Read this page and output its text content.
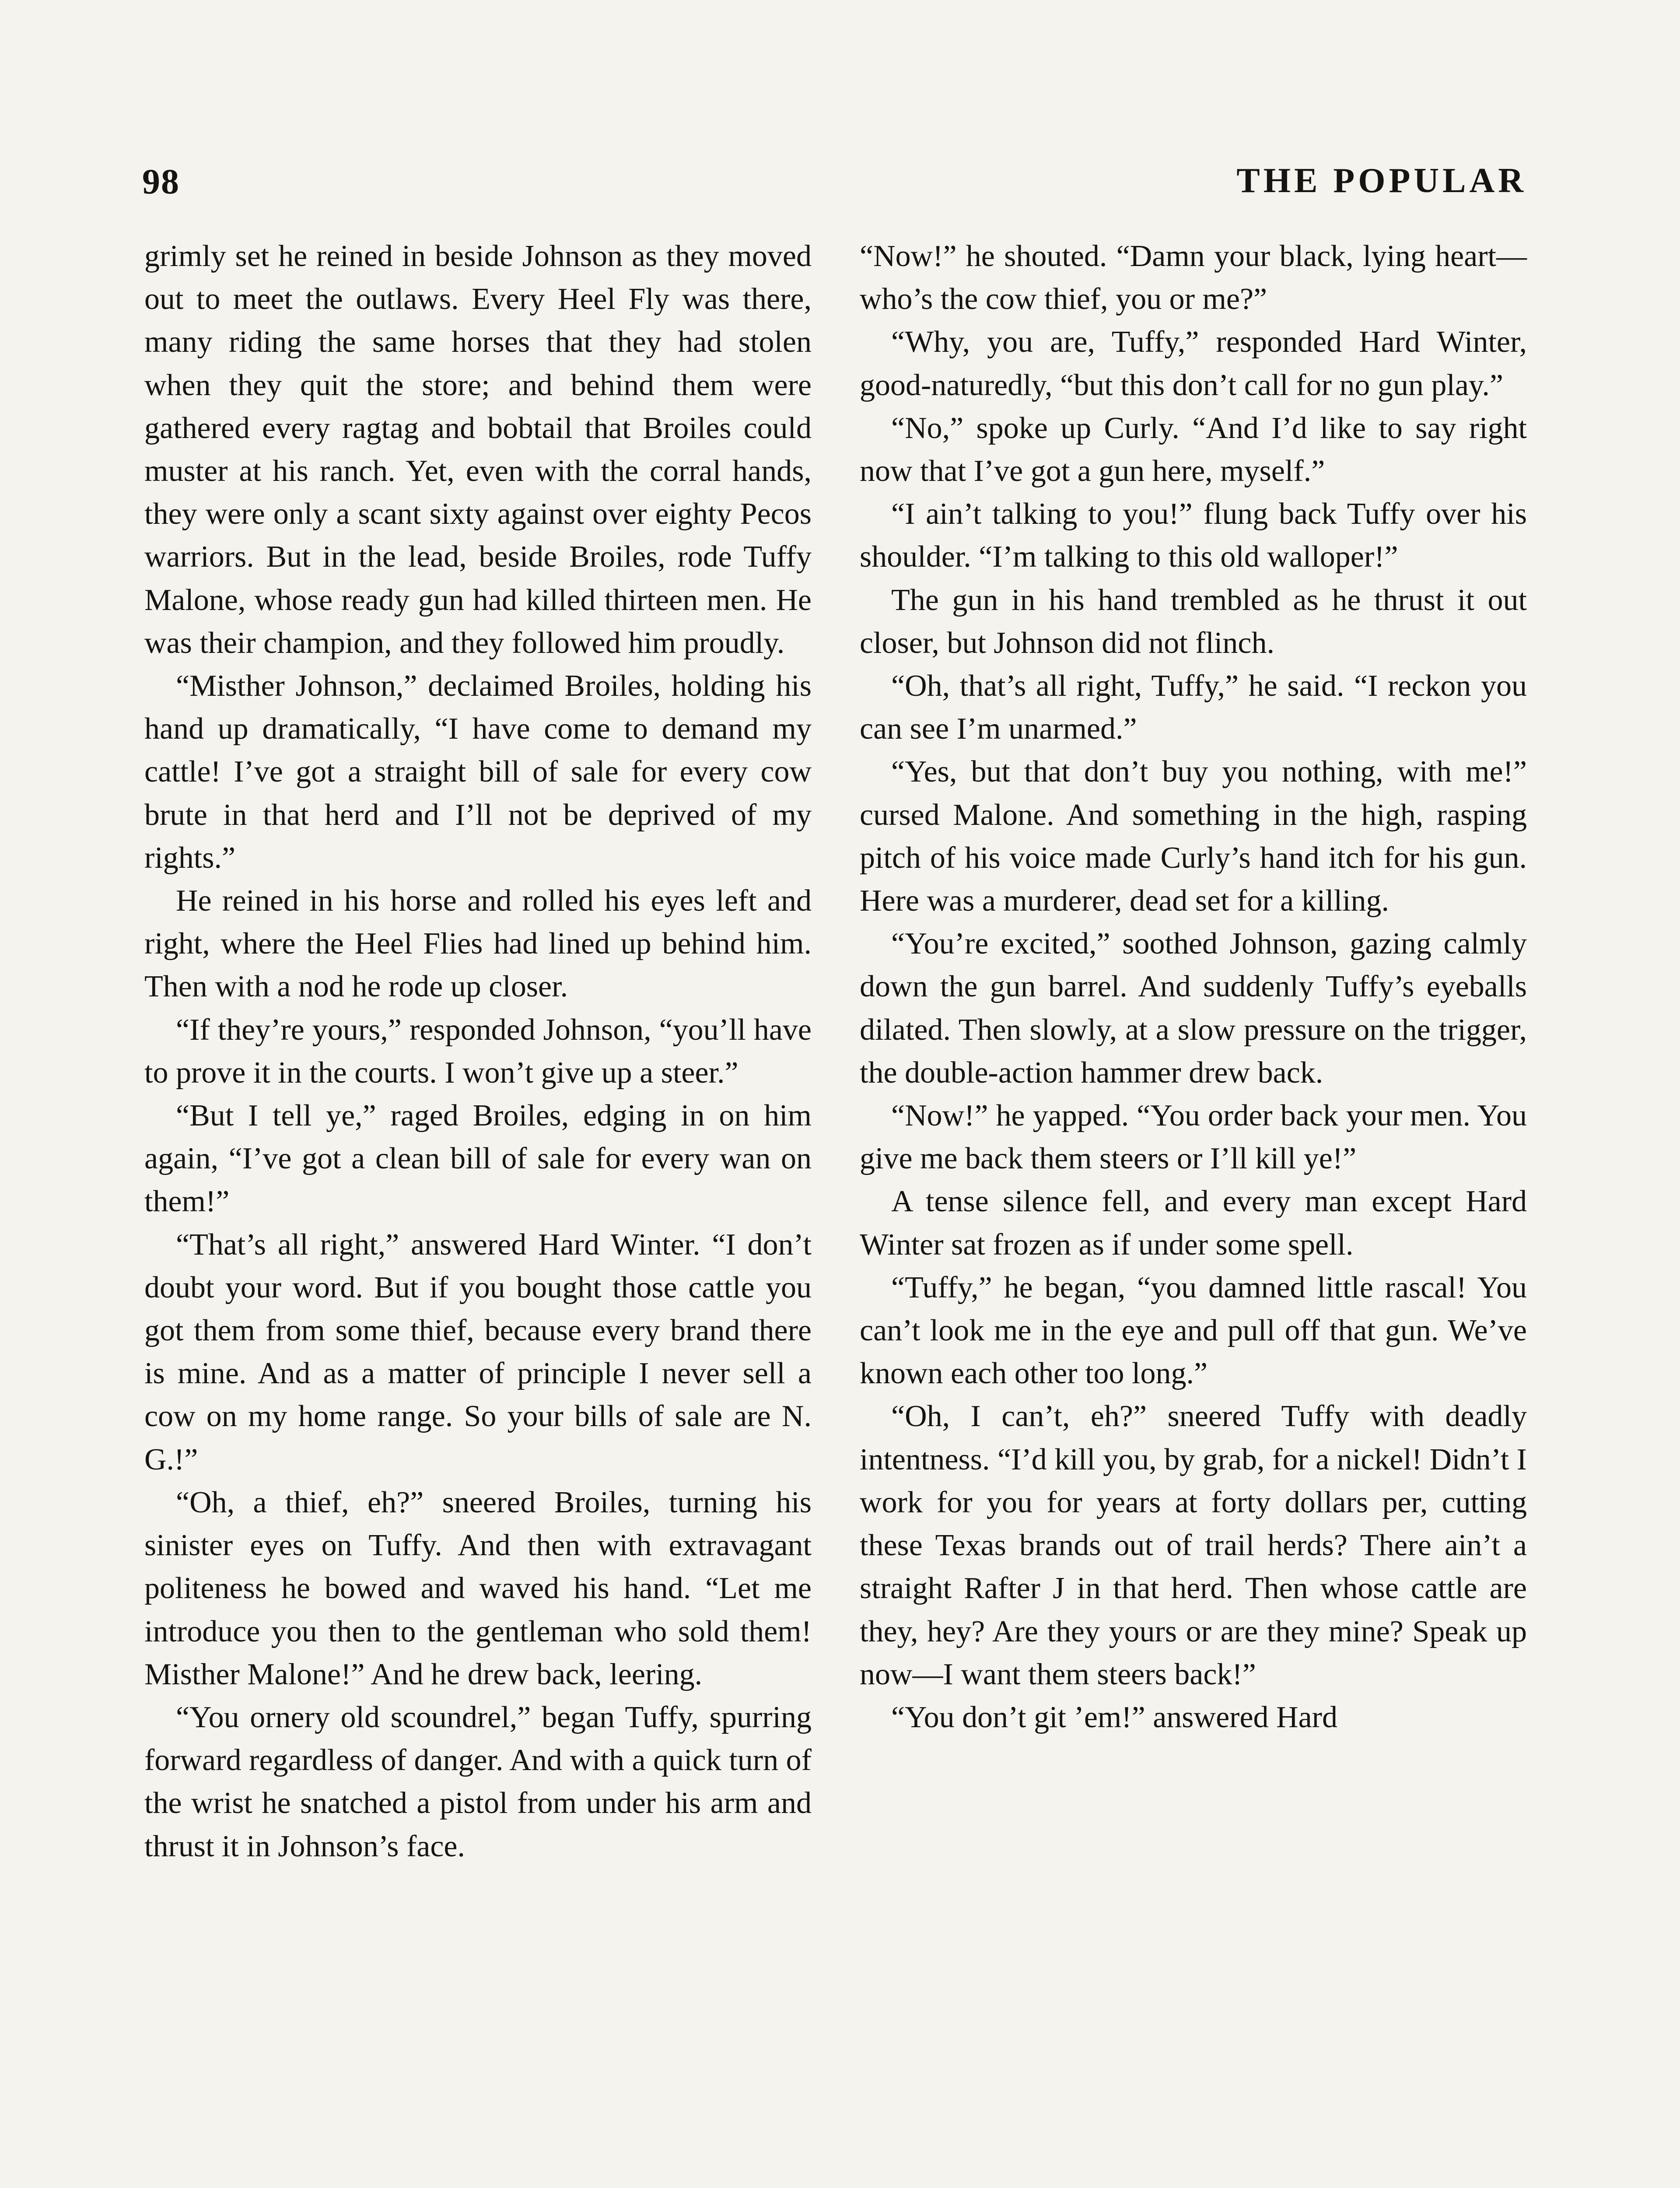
98	THE POPULAR

grimly set he reined in beside Johnson as they moved out to meet the outlaws. Every Heel Fly was there, many riding the same horses that they had stolen when they quit the store; and behind them were gathered every ragtag and bobtail that Broiles could muster at his ranch. Yet, even with the corral hands, they were only a scant sixty against over eighty Pecos warriors. But in the lead, beside Broiles, rode Tuffy Malone, whose ready gun had killed thirteen men. He was their champion, and they followed him proudly.

“Misther Johnson,” declaimed Broiles, holding his hand up dramatically, “I have come to demand my cattle! I’ve got a straight bill of sale for every cow brute in that herd and I’ll not be deprived of my rights.”

He reined in his horse and rolled his eyes left and right, where the Heel Flies had lined up behind him. Then with a nod he rode up closer.

“If they’re yours,” responded Johnson, “you’ll have to prove it in the courts. I won’t give up a steer.”

“But I tell ye,” raged Broiles, edging in on him again, “I’ve got a clean bill of sale for every wan on them!”

“That’s all right,” answered Hard Winter. “I don’t doubt your word. But if you bought those cattle you got them from some thief, because every brand there is mine. And as a matter of principle I never sell a cow on my home range. So your bills of sale are N. G.!”

“Oh, a thief, eh?” sneered Broiles, turning his sinister eyes on Tuffy. And then with extravagant politeness he bowed and waved his hand. “Let me introduce you then to the gentleman who sold them! Misther Malone!” And he drew back, leering.

“You ornery old scoundrel,” began Tuffy, spurring forward regardless of danger. And with a quick turn of the wrist he snatched a pistol from under his arm and thrust it in Johnson’s face.

“Now!” he shouted. “Damn your black, lying heart—who’s the cow thief, you or me?”

“Why, you are, Tuffy,” responded Hard Winter, good-naturedly, “but this don’t call for no gun play.”

“No,” spoke up Curly. “And I’d like to say right now that I’ve got a gun here, myself.”

“I ain’t talking to you!” flung back Tuffy over his shoulder. “I’m talking to this old walloper!”

The gun in his hand trembled as he thrust it out closer, but Johnson did not flinch.

“Oh, that’s all right, Tuffy,” he said. “I reckon you can see I’m unarmed.”

“Yes, but that don’t buy you nothing, with me!” cursed Malone. And something in the high, rasping pitch of his voice made Curly’s hand itch for his gun. Here was a murderer, dead set for a killing.

“You’re excited,” soothed Johnson, gazing calmly down the gun barrel. And suddenly Tuffy’s eyeballs dilated. Then slowly, at a slow pressure on the trigger, the double-action hammer drew back.

“Now!” he yapped. “You order back your men. You give me back them steers or I’ll kill ye!”

A tense silence fell, and every man except Hard Winter sat frozen as if under some spell.

“Tuffy,” he began, “you damned little rascal! You can’t look me in the eye and pull off that gun. We’ve known each other too long.”

“Oh, I can’t, eh?” sneered Tuffy with deadly intentness. “I’d kill you, by grab, for a nickel! Didn’t I work for you for years at forty dollars per, cutting these Texas brands out of trail herds? There ain’t a straight Rafter J in that herd. Then whose cattle are they, hey? Are they yours or are they mine? Speak up now—I want them steers back!”

“You don’t git ’em!” answered Hard
